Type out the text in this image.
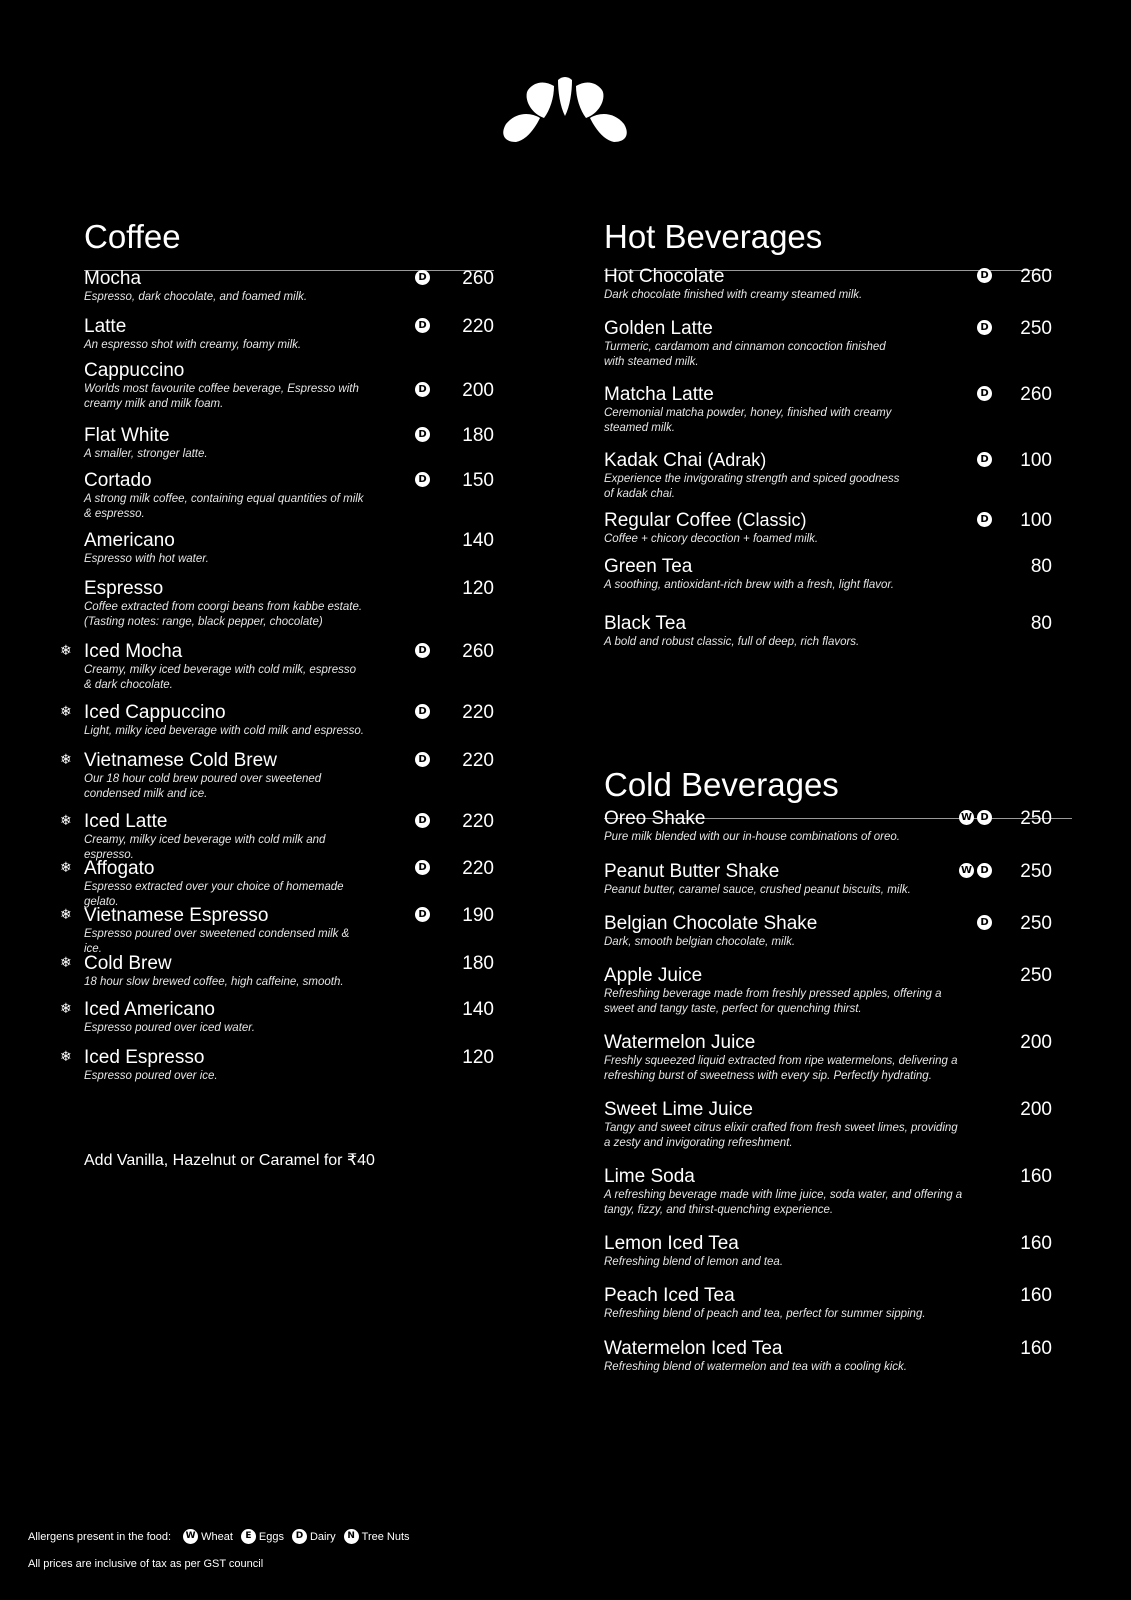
Coffee
Mocha
Espresso, dark chocolate, and foamed milk.
D 260
Latte
An espresso shot with creamy, foamy milk.
D 220
Cappuccino
Worlds most favourite coffee beverage, Espresso with creamy milk and milk foam.
D 200
Flat White
A smaller, stronger latte.
D 180
Cortado
A strong milk coffee, containing equal quantities of milk & espresso.
D 150
Americano
Espresso with hot water.
140
Espresso
Coffee extracted from coorgi beans from kabbe estate. (Tasting notes: range, black pepper, chocolate)
120
❄ Iced Mocha
Creamy, milky iced beverage with cold milk, espresso & dark chocolate.
D 260
❄ Iced Cappuccino
Light, milky iced beverage with cold milk and espresso.
D 220
❄ Vietnamese Cold Brew
Our 18 hour cold brew poured over sweetened condensed milk and ice.
D 220
❄ Iced Latte
Creamy, milky iced beverage with cold milk and espresso.
D 220
❄ Affogato
Espresso extracted over your choice of homemade gelato.
D 220
❄ Vietnamese Espresso
Espresso poured over sweetened condensed milk & ice.
D 190
❄ Cold Brew
18 hour slow brewed coffee, high caffeine, smooth.
180
❄ Iced Americano
Espresso poured over iced water.
140
❄ Iced Espresso
Espresso poured over ice.
120
Add Vanilla, Hazelnut or Caramel for ₹40
Hot Beverages
Hot Chocolate
Dark chocolate finished with creamy steamed milk.
D 260
Golden Latte
Turmeric, cardamom and cinnamon concoction finished with steamed milk.
D 250
Matcha Latte
Ceremonial matcha powder, honey, finished with creamy steamed milk.
D 260
Kadak Chai (Adrak)
Experience the invigorating strength and spiced goodness of kadak chai.
D 100
Regular Coffee (Classic)
Coffee + chicory decoction + foamed milk.
D 100
Green Tea
A soothing, antioxidant-rich brew with a fresh, light flavor.
80
Black Tea
A bold and robust classic, full of deep, rich flavors.
80
Cold Beverages
Oreo Shake
Pure milk blended with our in-house combinations of oreo.
W D 250
Peanut Butter Shake
Peanut butter, caramel sauce, crushed peanut biscuits, milk.
W D 250
Belgian Chocolate Shake
Dark, smooth belgian chocolate, milk.
D 250
Apple Juice
Refreshing beverage made from freshly pressed apples, offering a sweet and tangy taste, perfect for quenching thirst.
250
Watermelon Juice
Freshly squeezed liquid extracted from ripe watermelons, delivering a refreshing burst of sweetness with every sip. Perfectly hydrating.
200
Sweet Lime Juice
Tangy and sweet citrus elixir crafted from fresh sweet limes, providing a zesty and invigorating refreshment.
200
Lime Soda
A refreshing beverage made with lime juice, soda water, and offering a tangy, fizzy, and thirst-quenching experience.
160
Lemon Iced Tea
Refreshing blend of lemon and tea.
160
Peach Iced Tea
Refreshing blend of peach and tea, perfect for summer sipping.
160
Watermelon Iced Tea
Refreshing blend of watermelon and tea with a cooling kick.
160
Allergens present in the food: W Wheat	E Eggs	D Dairy	N Tree Nuts
All prices are inclusive of tax as per GST council
